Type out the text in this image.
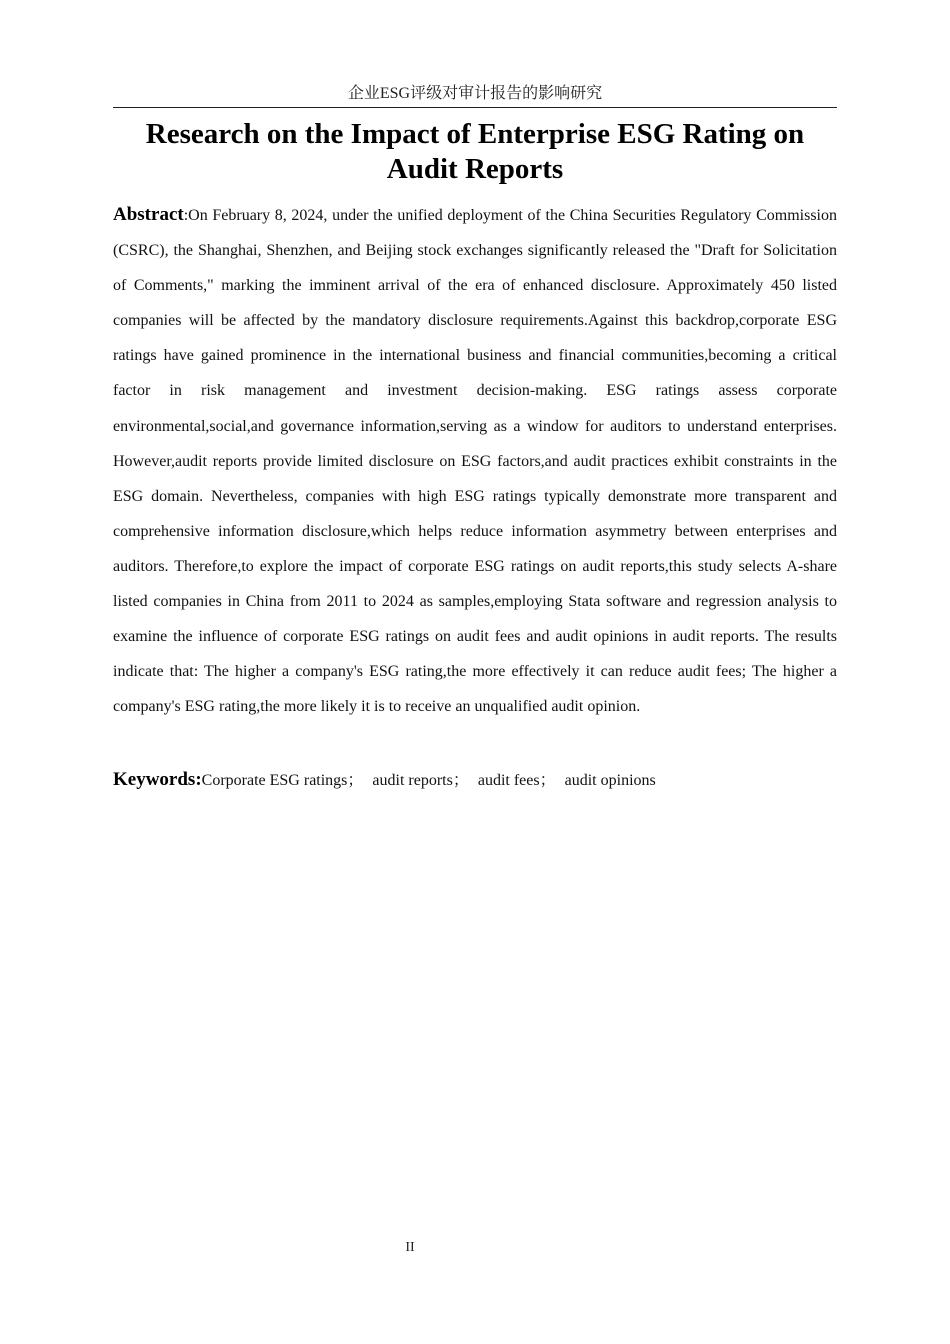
企业ESG评级对审计报告的影响研究
Research on the Impact of Enterprise ESG Rating on
Audit Reports

Abstract:On February 8, 2024, under the unified deployment of the China Securities Regulatory Commission (CSRC), the Shanghai, Shenzhen, and Beijing stock exchanges significantly released the "Draft for Solicitation of Comments," marking the imminent arrival of the era of enhanced disclosure. Approximately 450 listed companies will be affected by the mandatory disclosure requirements.Against this backdrop,corporate ESG ratings have gained prominence in the international business and financial communities,becoming a critical factor in risk management and investment decision-making. ESG ratings assess corporate environmental,social,and governance information,serving as a window for auditors to understand enterprises. However,audit reports provide limited disclosure on ESG factors,and audit practices exhibit constraints in the ESG domain. Nevertheless, companies with high ESG ratings typically demonstrate more transparent and comprehensive information disclosure,which helps reduce information asymmetry between enterprises and auditors. Therefore,to explore the impact of corporate ESG ratings on audit reports,this study selects A-share listed companies in China from 2011 to 2024 as samples,employing Stata software and regression analysis to examine the influence of corporate ESG ratings on audit fees and audit opinions in audit reports. The results indicate that: The higher a company's ESG rating,the more effectively it can reduce audit fees; The higher a company's ESG rating,the more likely it is to receive an unqualified audit opinion.

Keywords:Corporate ESG ratings； audit reports； audit fees； audit opinions

II
